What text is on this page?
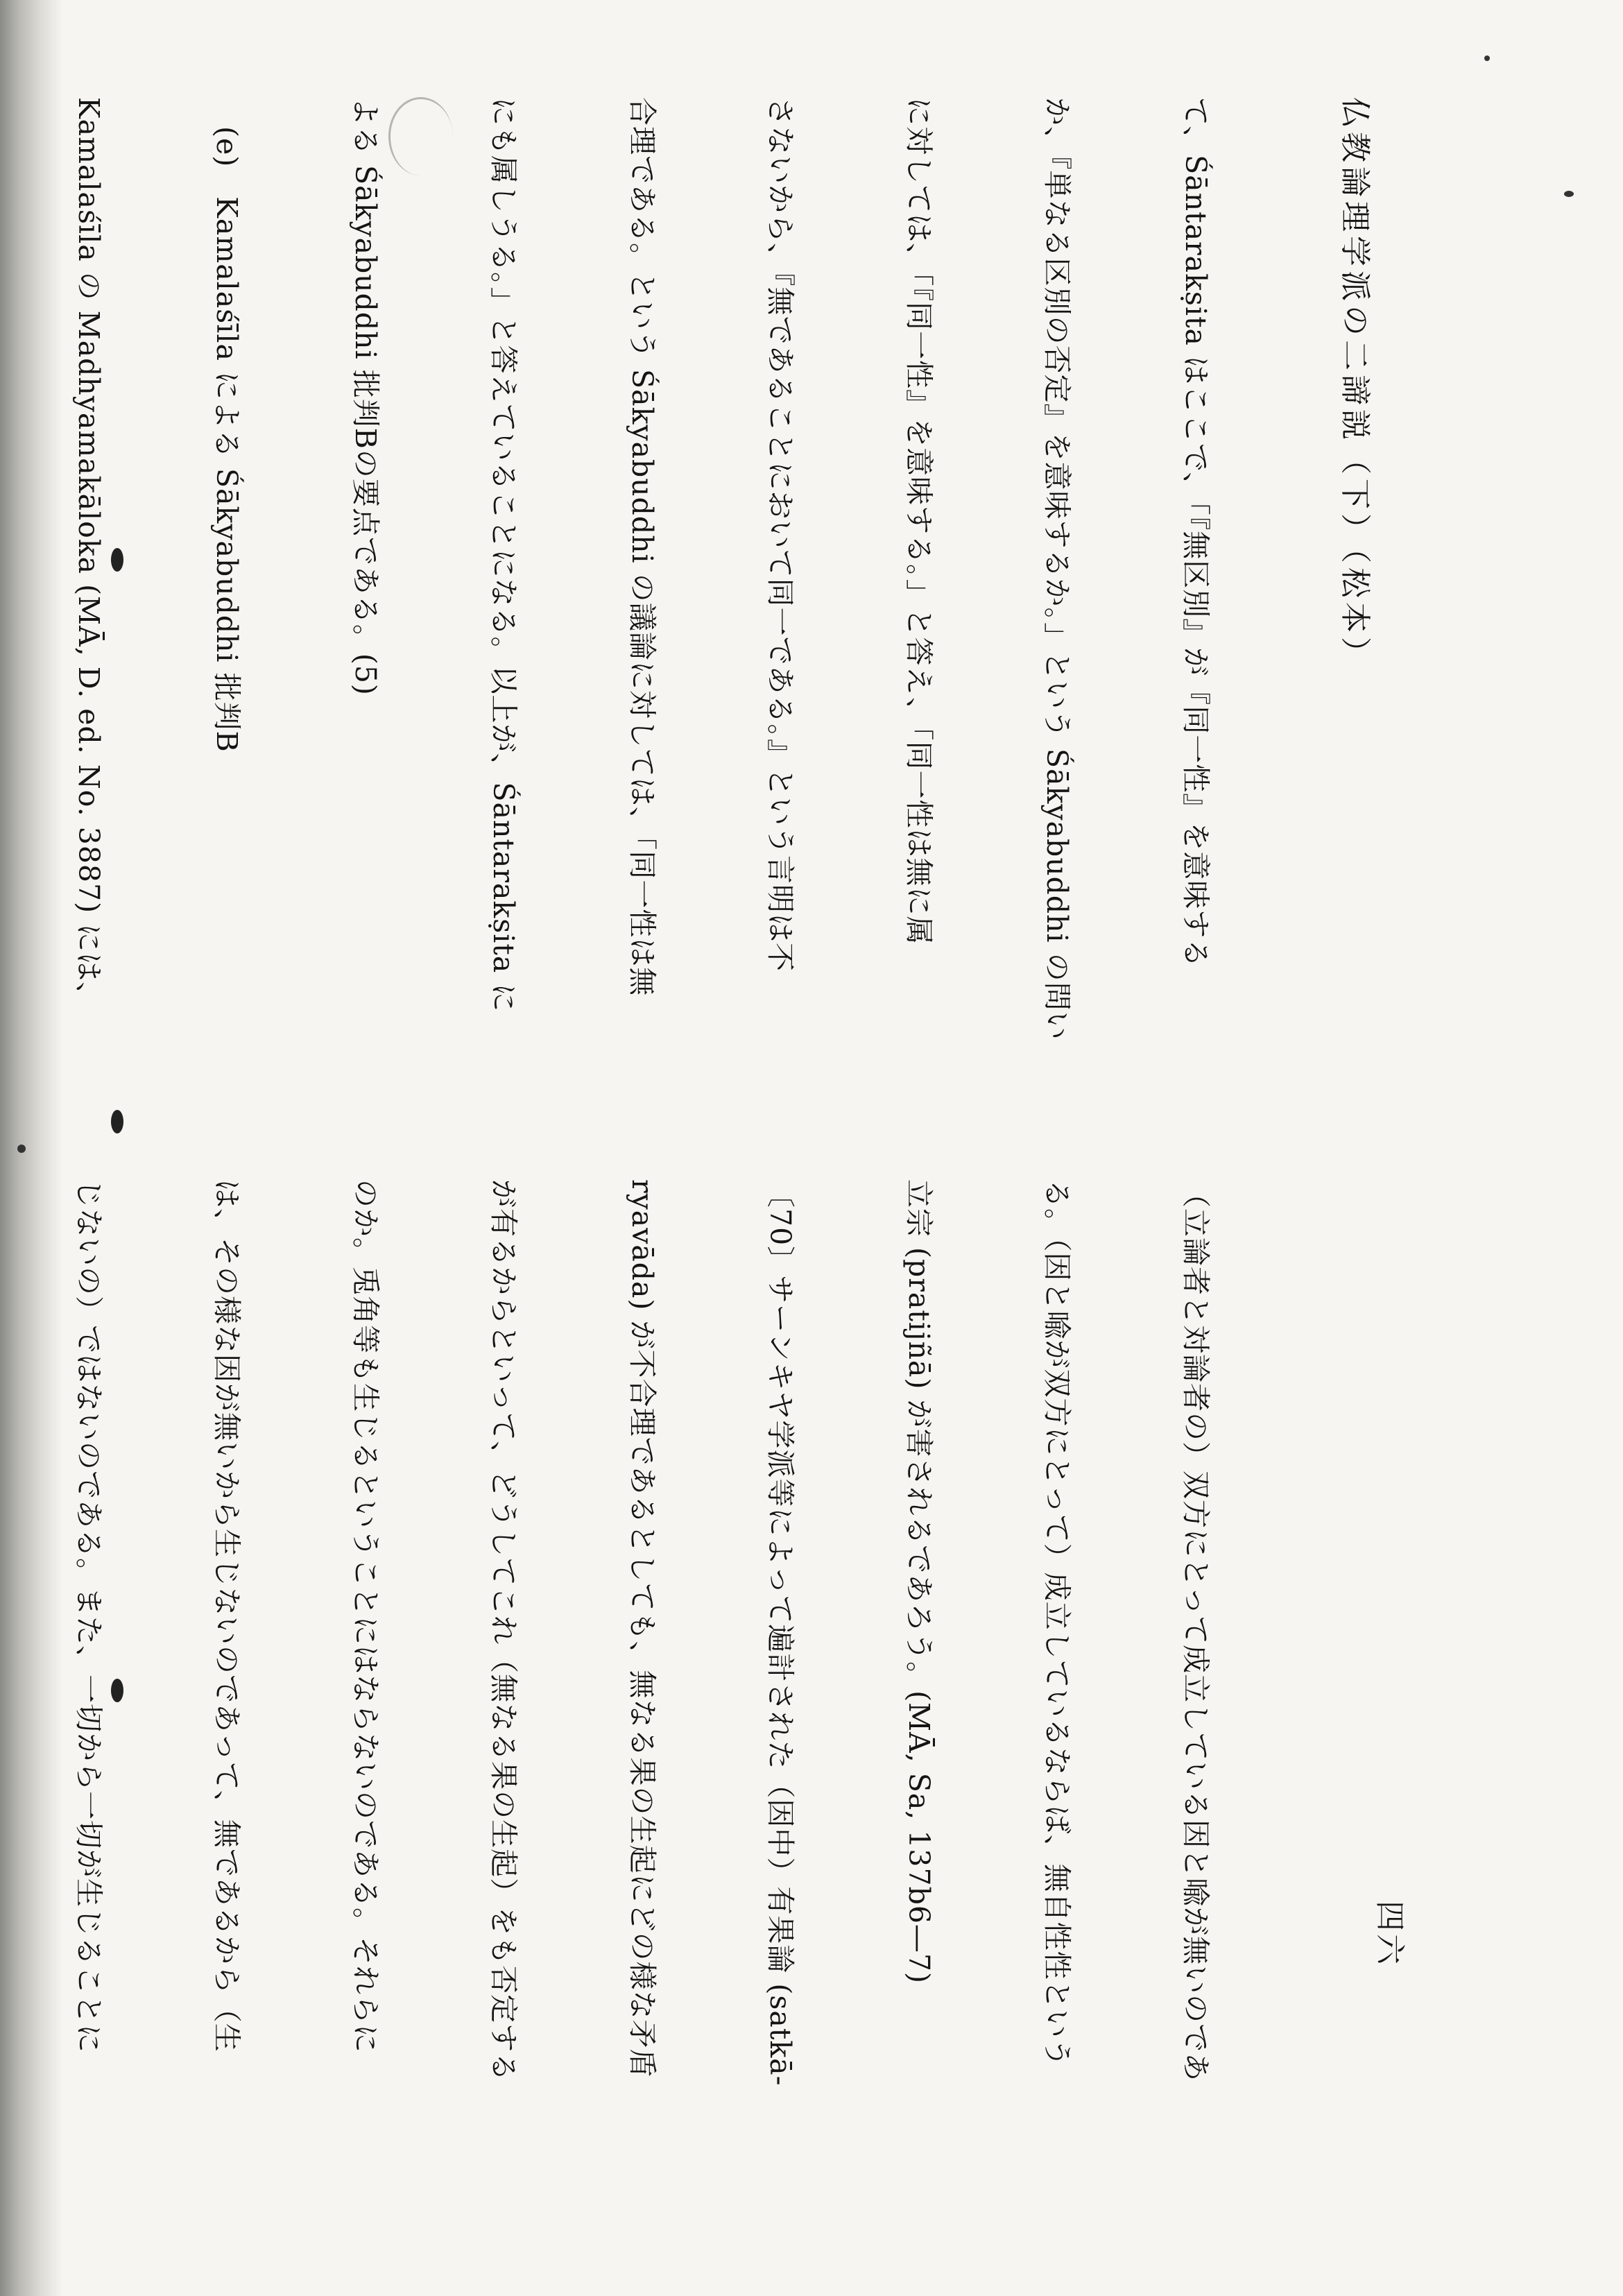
仏教論理学派の二諦説（下）（松本）
四六

て、Śāntarakṣita はここで、「『無区別』が『同一性』を意味する

か、『単なる区別の否定』を意味するか。」という Śākyabuddhi の問い

に対しては、「『同一性』を意味する。」と答え、「同一性は無に属

さないから、『無であることにおいて同一である。』という言明は不

合理である。という Śākyabuddhi の議論に対しては、「同一性は無

にも属しうる。」と答えていることになる。以上が、Śāntarakṣita に

よる Śākyabuddhi 批判Bの要点である。(5)

　(e)　Kamalaśīla による Śākyabuddhi 批判B

Kamalaśīla の Madhyamakāloka (MĀ, D. ed. No. 3887) には、

（立論者と対論者の）双方にとって成立している因と喩が無いのであ

る。（因と喩が双方にとって）成立しているならば、無自性性という

立宗 (pratijñā) が害されるであろう。(MĀ, Sa, 137b6—7)

〔70〕サーンキヤ学派等によって遍計された（因中）有果論 (satkā-

ryavāda) が不合理であるとしても、無なる果の生起にどの様な矛盾

が有るからといって、どうしてこれ（無なる果の生起）をも否定する

のか。兎角等も生じるということにはならないのである。それらに

は、その様な因が無いから生じないのであって、無であるから（生

じないの）ではないのである。また、一切から一切が生じることに
